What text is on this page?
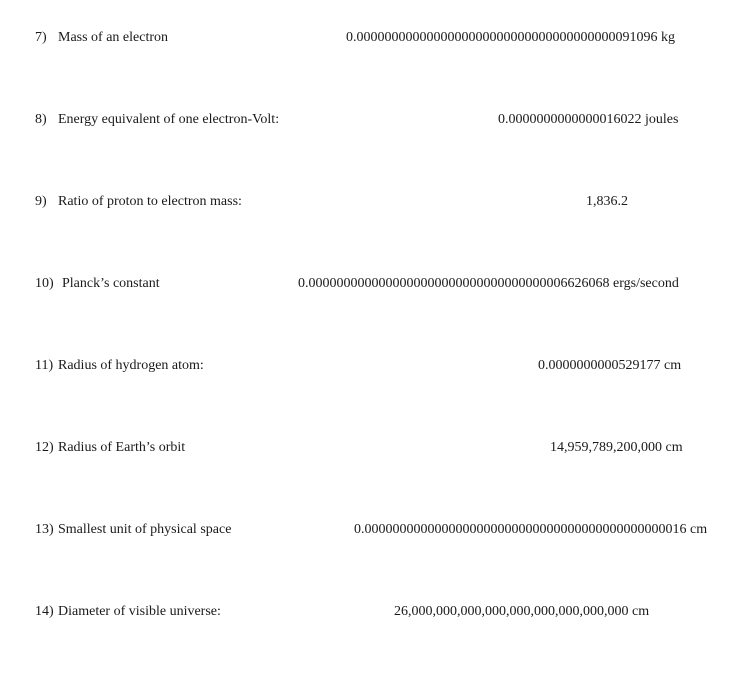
7) Mass of an electron	0.0000000000000000000000000000000000000091096 kg
8) Energy equivalent of one electron-Volt:	0.0000000000000016022 joules
9) Ratio of proton to electron mass:	1,836.2
10) Planck’s constant	0.0000000000000000000000000000000000006626068 ergs/second
11) Radius of hydrogen atom:	0.0000000000529177 cm
12) Radius of Earth’s orbit	14,959,789,200,000 cm
13) Smallest unit of physical space	0.0000000000000000000000000000000000000000000016 cm
14) Diameter of visible universe:	26,000,000,000,000,000,000,000,000,000 cm
